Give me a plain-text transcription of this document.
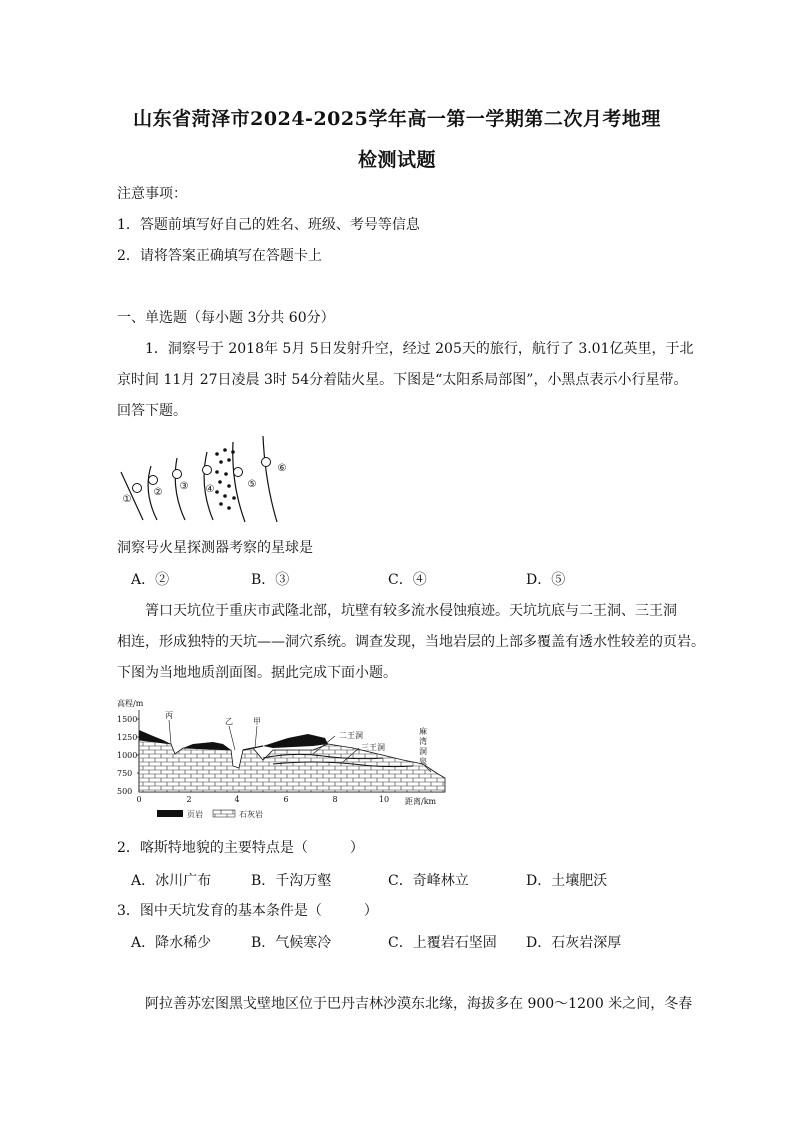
山东省菏泽市2024-2025学年高一第一学期第二次月考地理
检测试题
注意事项：
1．答题前填写好自己的姓名、班级、考号等信息
2．请将答案正确填写在答题卡上
一、单选题（每小题 3分共 60分）
1．洞察号于 2018年 5月 5日发射升空，经过 205天的旅行，航行了 3.01亿英里，于北
京时间 11月 27日凌晨 3时 54分着陆火星。下图是“太阳系局部图”，小黑点表示小行星带。
回答下题。
①
②
③ ④	⑤
⑥
洞察号火星探测器考察的星球是
A．②	B．③	C．④	D．⑤
箐口天坑位于重庆市武隆北部，坑壁有较多流水侵蚀痕迹。天坑坑底与二王洞、三王洞
相连，形成独特的天坑——洞穴系统。调查发现，当地岩层的上部多覆盖有透水性较差的页岩。
下图为当地地质剖面图。据此完成下面小题。
高程/m
1500
1250
1000
750
500
丙
乙	甲
二王洞
三王洞
麻
湾
洞
泉
0	2	4	6	8	10 距离/km
页岩	石灰岩
2．喀斯特地貌的主要特点是（　　　）
A．冰川广布	B．千沟万壑	C．奇峰林立	D．土壤肥沃
3．图中天坑发育的基本条件是（　　　）
A．降水稀少	B．气候寒冷	C．上覆岩石坚固 D．石灰岩深厚
阿拉善苏宏图黑戈壁地区位于巴丹吉林沙漠东北缘，海拔多在 900～1200 米之间，冬春
